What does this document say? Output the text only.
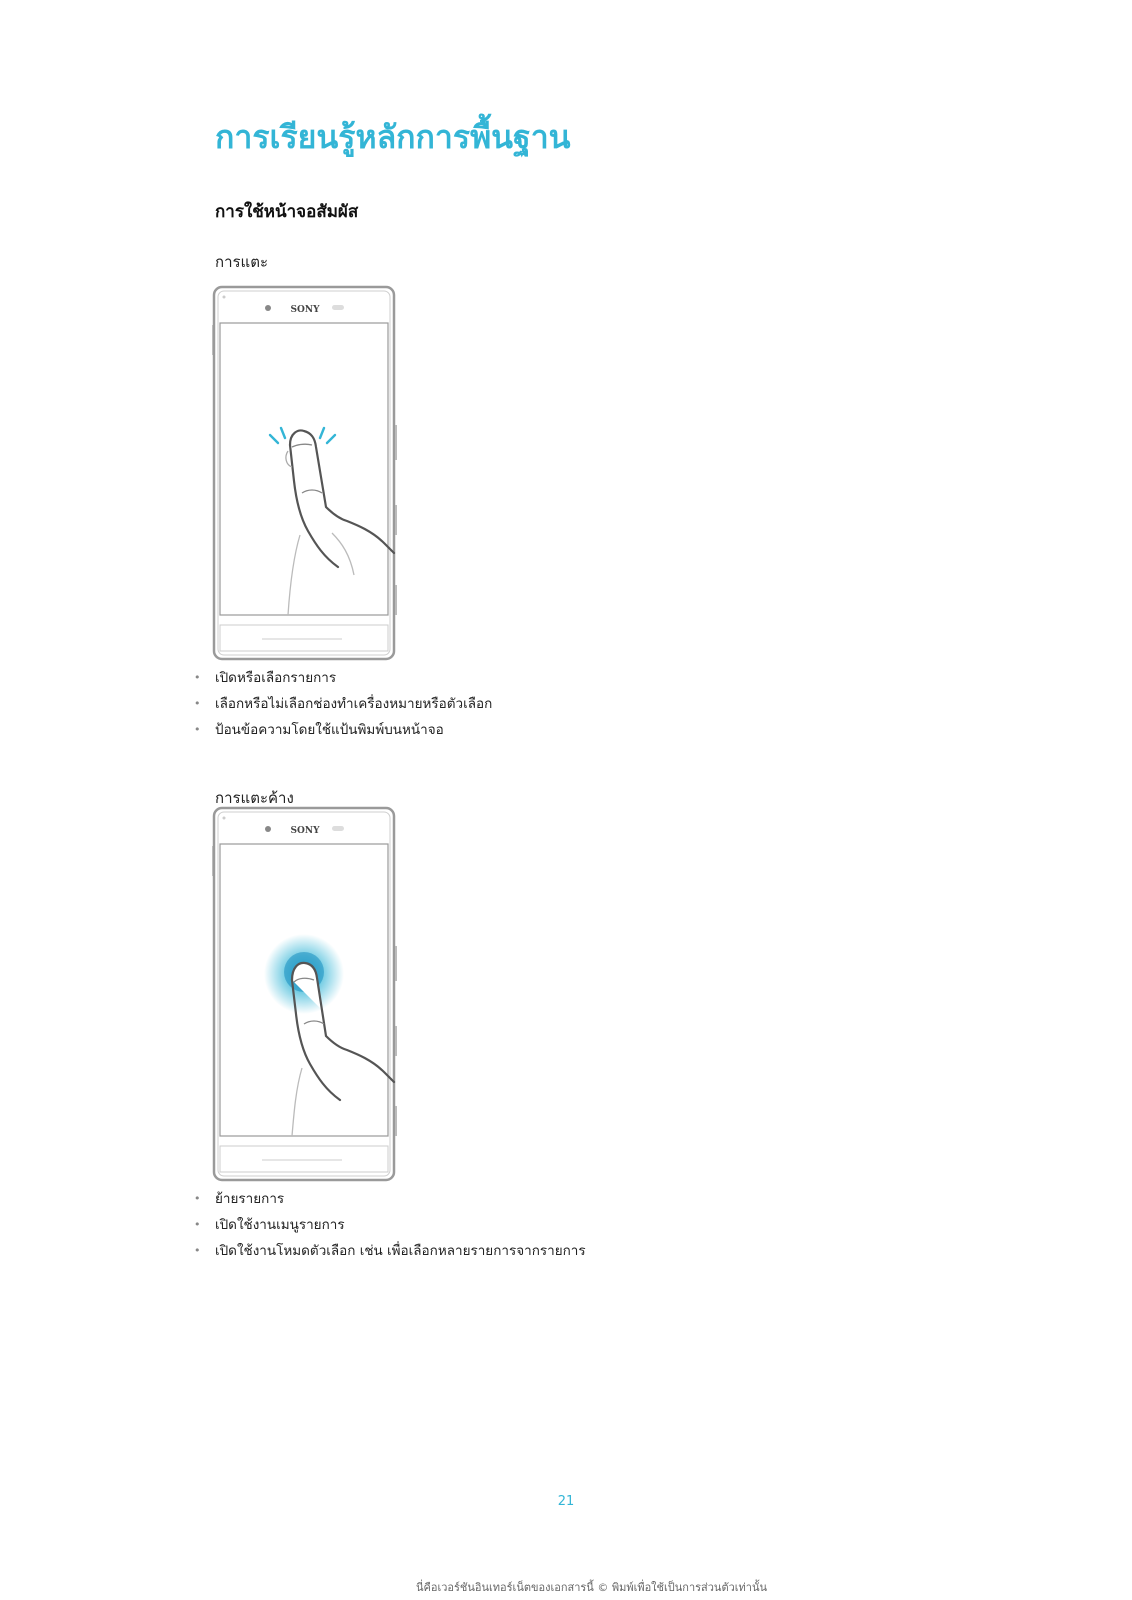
การเรียนรู้หลักการพื้นฐาน
การใช้หน้าจอสัมผัส
การแตะ
SONY
• เปิดหรือเลือกรายการ
• เลือกหรือไม่เลือกช่องทำเครื่องหมายหรือตัวเลือก
• ป้อนข้อความโดยใช้แป้นพิมพ์บนหน้าจอ
การแตะค้าง
SONY
• ย้ายรายการ
• เปิดใช้งานเมนูรายการ
• เปิดใช้งานโหมดตัวเลือก เช่น เพื่อเลือกหลายรายการจากรายการ
21
นี่คือเวอร์ชันอินเทอร์เน็ตของเอกสารนี้ © พิมพ์เพื่อใช้เป็นการส่วนตัวเท่านั้น
